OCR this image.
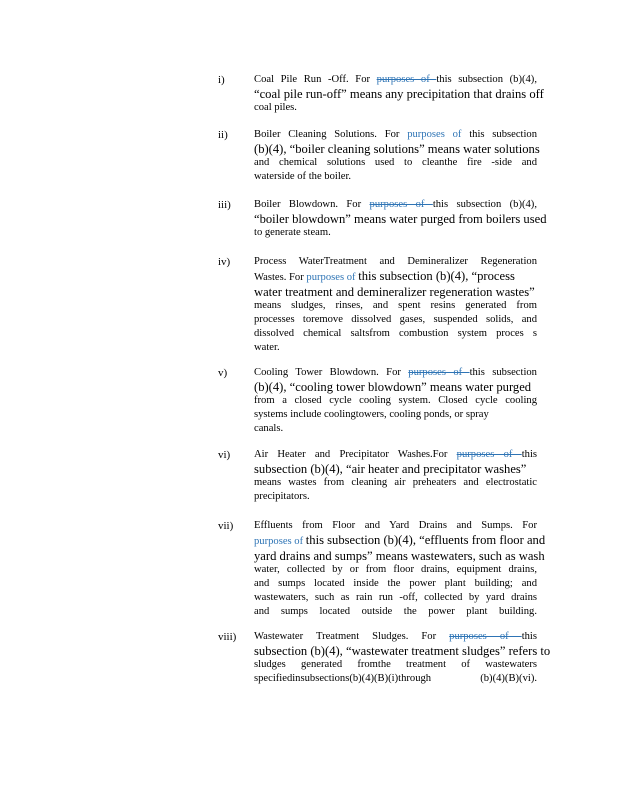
i)	Coal Pile Run -Off. For purposes of this subsection (b)(4),
“coal pile run-off” means any precipitation that drains off
coal piles.
ii) Boiler Cleaning Solutions. For purposes of this subsection
(b)(4), “boiler cleaning solutions” means water solutions
and chemical solutions used to cleanthe fire -side and
waterside of the boiler.
iii) Boiler Blowdown. For purposes of this subsection (b)(4),
“boiler blowdown” means water purged from boilers used
to generate steam.
iv) Process WaterTreatment and Demineralizer Regeneration
Wastes. For purposes of this subsection (b)(4), “process
water treatment and demineralizer regeneration wastes”
means sludges, rinses, and spent resins generated from
processes toremove dissolved gases, suspended solids, and
dissolved chemical saltsfrom combustion system proces s
water.
v)	Cooling Tower Blowdown. For purposes of this subsection
(b)(4), “cooling tower blowdown” means water purged
from a closed cycle cooling system. Closed cycle cooling
systems include coolingtowers, cooling ponds, or spray
canals.
vi) Air Heater and Precipitator Washes.For purposes of this
subsection (b)(4), “air heater and precipitator washes”
means wastes from cleaning air preheaters and electrostatic
precipitators.
vii) Effluents from Floor and Yard Drains and Sumps. For
purposes of this subsection (b)(4), “effluents from floor and
yard drains and sumps” means wastewaters, such as wash
water, collected by or from floor drains, equipment drains,
and sumps located inside the power plant building; and
wastewaters, such as rain run -off, collected by yard drains
and sumps located outside the power plant building.
viii) Wastewater Treatment Sludges. For purposes of this
subsection (b)(4), “wastewater treatment sludges” refers to
sludges generated fromthe treatment of wastewaters
specifiedinsubsections(b)(4)(B)(i)through (b)(4)(B)(vi).
